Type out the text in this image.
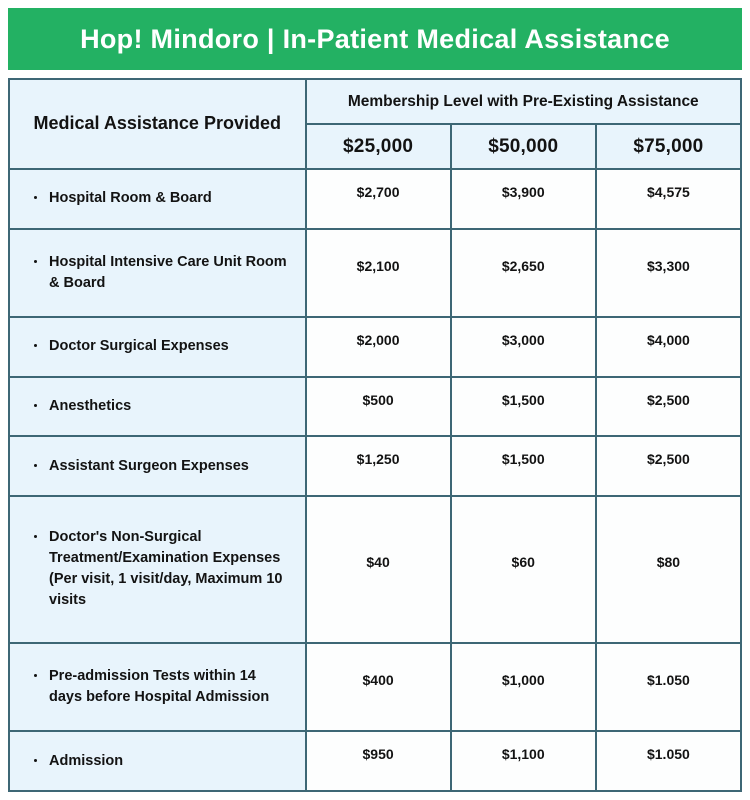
Hop! Mindoro | In-Patient Medical Assistance
Medical Assistance Provided	Membership Level with Pre-Existing Assistance		
	$25,000	$50,000	$75,000

Hospital Room & Board	$2,700	$3,900	$4,575

Hospital Intensive Care Unit Room & Board	$2,100	$2,650	$3,300

Doctor Surgical Expenses	$2,000	$3,000	$4,000

Anesthetics	$500	$1,500	$2,500

Assistant Surgeon Expenses	$1,250	$1,500	$2,500

Doctor's Non-Surgical Treatment/Examination Expenses (Per visit, 1 visit/day, Maximum 10 visits	$40	$60	$80

Pre-admission Tests within 14 days before Hospital Admission	$400	$1,000	$1.050

Admission	$950	$1,100	$1.050
